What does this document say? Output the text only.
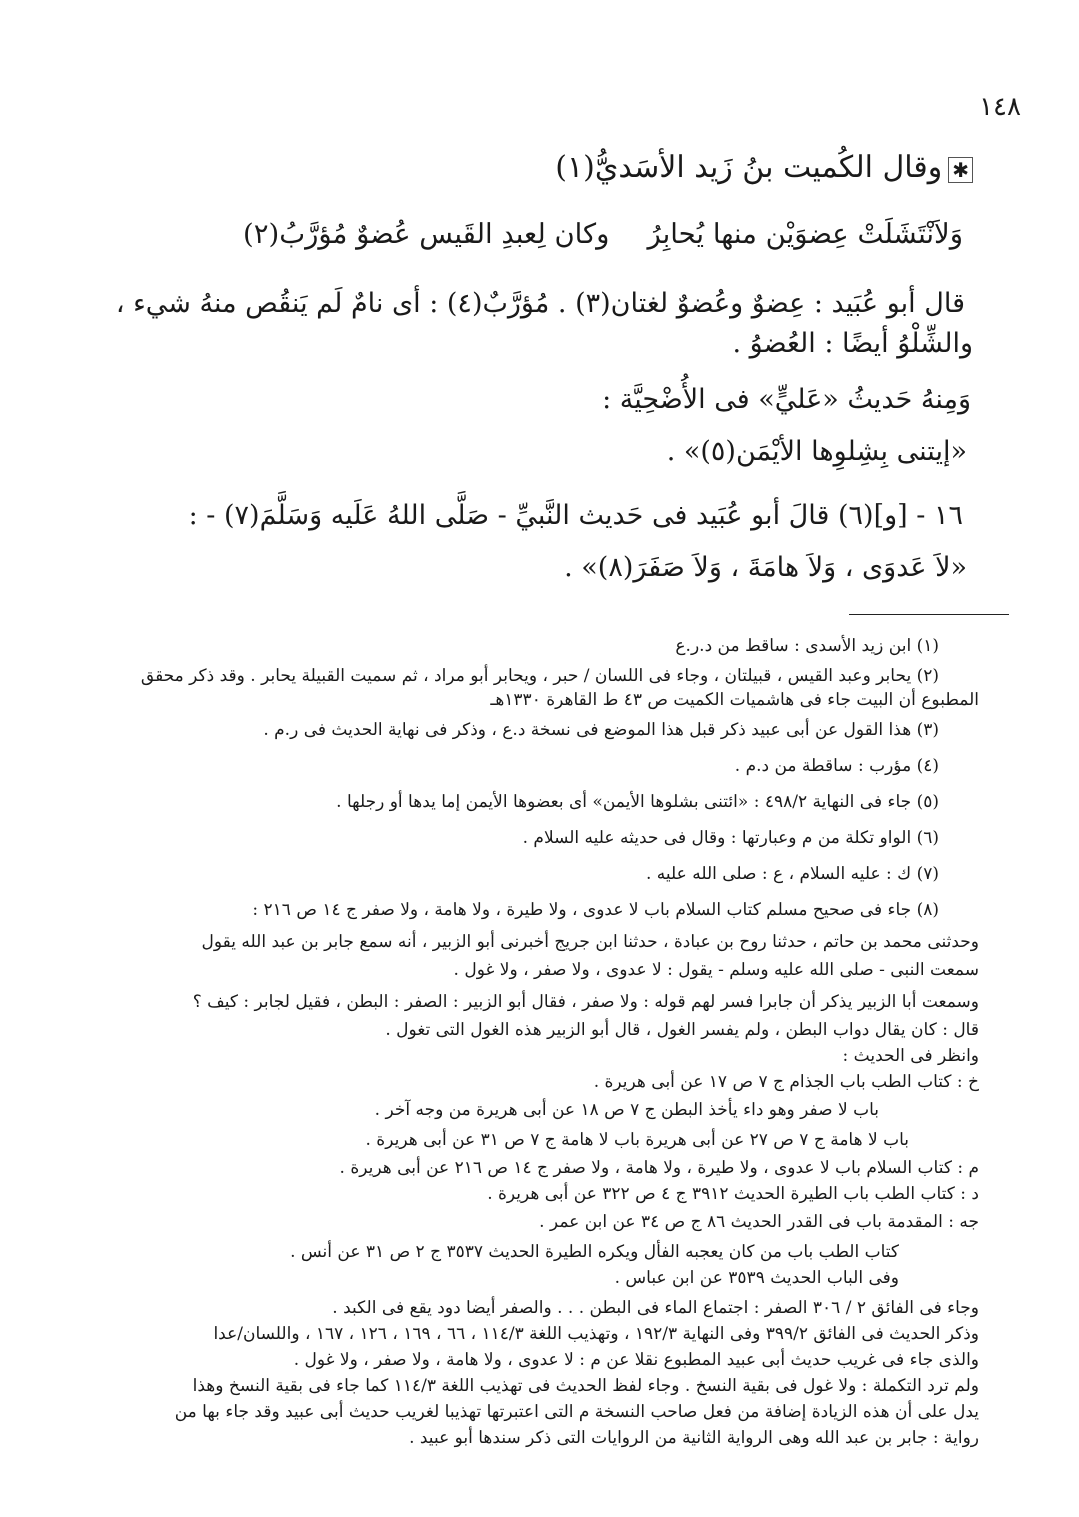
١٤٨
✱وقال الكُميت بنُ زَيد الأسَديُّ(١)
وَلاَنْتَشَلَتْ عِضوَيْن منها يُحابِرُ
وكان لِعبدِ القَيس عُضوٌ مُؤرَّبُ(٢)
قال أبو عُبَيد : عِضوٌ وعُضوٌ لغتان(٣) . مُؤرَّبٌ(٤) : أى نامٌ لَم يَنقُص منهُ شيء ،
والشِّلْوُ أيضًا : العُضوُ .
وَمِنهُ حَديثُ «عَليٍّ» فى الأُضْحِيَّة :
«إيتنى بِشِلوِها الأيْمَن(٥)» .
١٦ - [و](٦) قالَ أبو عُبَيد فى حَديث النَّبيِّ - صَلَّى اللهُ عَلَيه وَسَلَّمَ(٧) - :
«لاَ عَدوَى ، وَلاَ هامَةَ ، وَلاَ صَفَرَ(٨)» .
(١) ابن زيد الأسدى : ساقط من د.ر.ع
(٢) يحابر وعبد القيس ، قبيلتان ، وجاء فى اللسان / حبر ، ويحابر أبو مراد ، ثم سميت القبيلة يحابر . وقد ذكر محقق
المطبوع أن البيت جاء فى هاشميات الكميت ص ٤٣ ط القاهرة ١٣٣٠هـ
(٣) هذا القول عن أبى عبيد ذكر قبل هذا الموضع فى نسخة د.ع ، وذكر فى نهاية الحديث فى ر.م .
(٤) مؤرب : ساقطة من د.م .
(٥) جاء فى النهاية ٤٩٨/٢ : «ائتنى بشلوها الأيمن» أى بعضوها الأيمن إما يدها أو رجلها .
(٦) الواو تكلة من م وعبارتها : وقال فى حديثه عليه السلام .
(٧) ك : عليه السلام ، ع : صلى الله عليه .
(٨) جاء فى صحيح مسلم كتاب السلام باب لا عدوى ، ولا طيرة ، ولا هامة ، ولا صفر ج ١٤ ص ٢١٦ :
وحدثنى محمد بن حاتم ، حدثنا روح بن عبادة ، حدثنا ابن جريج أخبرنى أبو الزبير ، أنه سمع جابر بن عبد الله يقول
سمعت النبى - صلى الله عليه وسلم - يقول : لا عدوى ، ولا صفر ، ولا غول .
وسمعت أبا الزبير يذكر أن جابرا فسر لهم قوله : ولا صفر ، فقال أبو الزبير : الصفر : البطن ، فقيل لجابر : كيف ؟
قال : كان يقال دواب البطن ، ولم يفسر الغول ، قال أبو الزبير هذه الغول التى تغول .
وانظر فى الحديث :
خ : كتاب الطب باب الجذام ج ٧ ص ١٧ عن أبى هريرة .
باب لا صفر وهو داء يأخذ البطن ج ٧ ص ١٨ عن أبى هريرة من وجه آخر .
باب لا هامة ج ٧ ص ٢٧ عن أبى هريرة باب لا هامة ج ٧ ص ٣١ عن أبى هريرة .
م : كتاب السلام باب لا عدوى ، ولا طيرة ، ولا هامة ، ولا صفر ج ١٤ ص ٢١٦ عن أبى هريرة .
د : كتاب الطب باب الطيرة الحديث ٣٩١٢ ج ٤ ص ٣٢٢ عن أبى هريرة .
جه : المقدمة باب فى القدر الحديث ٨٦ ج ص ٣٤ عن ابن عمر .
كتاب الطب باب من كان يعجبه الفأل ويكره الطيرة الحديث ٣٥٣٧ ج ٢ ص ٣١ عن أنس .
وفى الباب الحديث ٣٥٣٩ عن ابن عباس .
وجاء فى الفائق ٢ / ٣٠٦ الصفر : اجتماع الماء فى البطن . . . والصفر أيضا دود يقع فى الكبد .
وذكر الحديث فى الفائق ٣٩٩/٢ وفى النهاية ١٩٢/٣ ، وتهذيب اللغة ١١٤/٣ ، ٦٦ ، ١٦٩ ، ١٢٦ ، ١٦٧ ، واللسان/عدا
والذى جاء فى غريب حديث أبى عبيد المطبوع نقلا عن م : لا عدوى ، ولا هامة ، ولا صفر ، ولا غول .
ولم ترد التكملة : ولا غول فى بقية النسخ . وجاء لفظ الحديث فى تهذيب اللغة ١١٤/٣ كما جاء فى بقية النسخ وهذا
يدل على أن هذه الزيادة إضافة من فعل صاحب النسخة م التى اعتبرتها تهذيبا لغريب حديث أبى عبيد وقد جاء بها من
رواية : جابر بن عبد الله وهى الرواية الثانية من الروايات التى ذكر سندها أبو عبيد .
